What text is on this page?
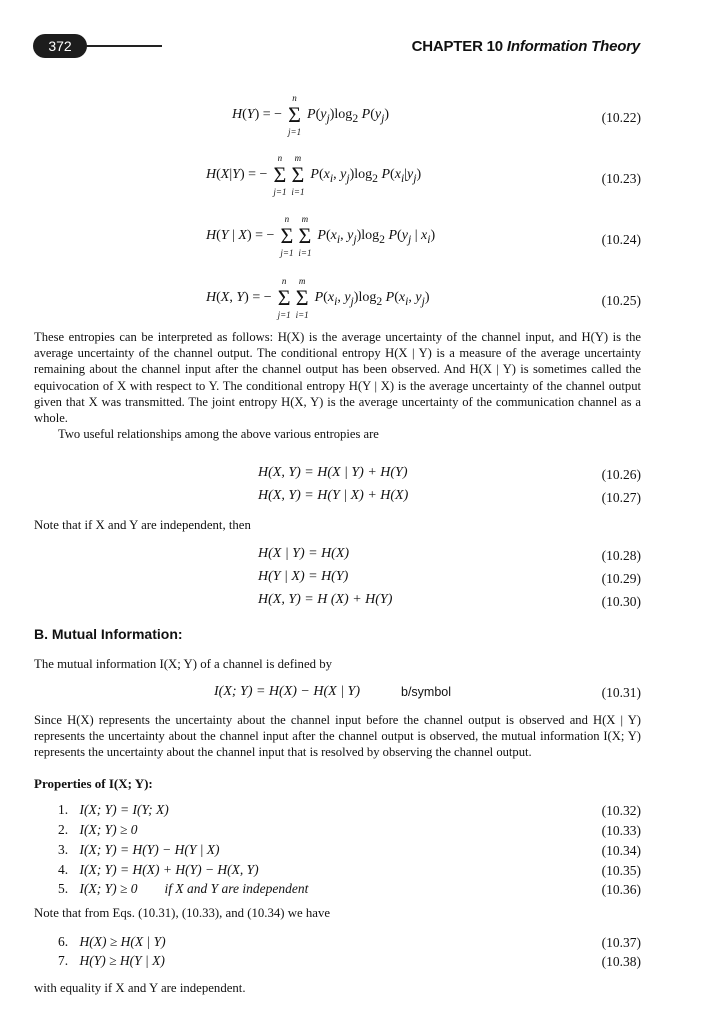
372	CHAPTER 10 Information Theory
H(Y) = −
n
Σ
j=1
$P(y_j)\log_2$ $P(y_j)$	(10.22)
H(X|Y) = −
n
Σ
j=1
m
Σ
i=1
$P(x_i$, $y_j)\log_2$ $P(x_i|y_j)$	(10.23)
H(Y | X) = −
n
Σ
j=1
m
Σ
i=1
$P(x_i$, $y_j)\log_2$ $P(y_j$ | $x_i$)	(10.24)
H(X, Y) = −
n
Σ
j=1
m
Σ
i=1
$P(x_i$, $y_j)\log_2$ $P(x_i$, $y_j$)	(10.25)
These entropies can be interpreted as follows: H(X) is the average uncertainty of the channel input, and H(Y) is the average uncertainty of the channel output. The conditional entropy H(X | Y) is a measure of the average uncertainty remaining about the channel input after the channel output has been observed. And H(X | Y) is sometimes called the equivocation of X with respect to Y. The conditional entropy H(Y | X) is the average uncertainty of the channel output given that X was transmitted. The joint entropy H(X, Y) is the average uncertainty of the communication channel as a whole.
Two useful relationships among the above various entropies are
H(X, Y) = H(X | Y) + H(Y)	(10.26)
H(X, Y) = H(Y | X) + H(X)	(10.27)
Note that if X and Y are independent, then
H(X | Y) = H(X)	(10.28)
H(Y | X) = H(Y)	(10.29)
H(X, Y) = H (X) + H(Y)	(10.30)
B. Mutual Information:
The mutual information I(X; Y) of a channel is defined by
I(X; Y) = H(X) − H(X | Y)	b/symbol	(10.31)
Since H(X) represents the uncertainty about the channel input before the channel output is observed and H(X | Y) represents the uncertainty about the channel input after the channel output is observed, the mutual information I(X; Y) represents the uncertainty about the channel input that is resolved by observing the channel output.
Properties of I(X; Y):
1. I(X; Y) = I(Y; X)	(10.32)
2. I(X; Y) ≥ 0	(10.33)
3. I(X; Y) = H(Y) − H(Y | X)	(10.34)
4. I(X; Y) = H(X) + H(Y) − H(X, Y)	(10.35)
5. I(X; Y) ≥ 0        if X and Y are independent	(10.36)
Note that from Eqs. (10.31), (10.33), and (10.34) we have
6. H(X) ≥ H(X | Y)	(10.37)
7. H(Y) ≥ H(Y | X)	(10.38)
with equality if X and Y are independent.
